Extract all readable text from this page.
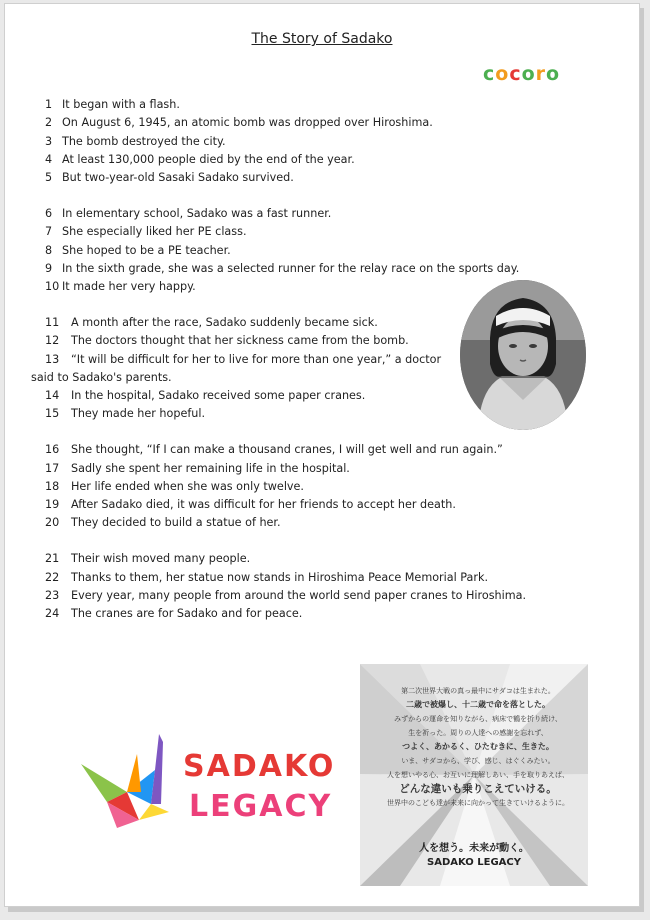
The Story of Sadako
cocoro
1 It began with a flash.
2 On August 6, 1945, an atomic bomb was dropped over Hiroshima.
3 The bomb destroyed the city.
4 At least 130,000 people died by the end of the year.
5 But two-year-old Sasaki Sadako survived.
6 In elementary school, Sadako was a fast runner.
7 She especially liked her PE class.
8 She hoped to be a PE teacher.
9 In the sixth grade, she was a selected runner for the relay race on the sports day.
10 It made her very happy.
11 A month after the race, Sadako suddenly became sick.
12 The doctors thought that her sickness came from the bomb.
13 “It will be difficult for her to live for more than one year,” a doctor
said to Sadako's parents.
14 In the hospital, Sadako received some paper cranes.
15 They made her hopeful.
16 She thought, “If I can make a thousand cranes, I will get well and run again.”
17 Sadly she spent her remaining life in the hospital.
18 Her life ended when she was only twelve.
19 After Sadako died, it was difficult for her friends to accept her death.
20 They decided to build a statue of her.
21 Their wish moved many people.
22 Thanks to them, her statue now stands in Hiroshima Peace Memorial Park.
23 Every year, many people from around the world send paper cranes to Hiroshima.
24 The cranes are for Sadako and for peace.
SADAKO
LEGACY
第二次世界大戦の真っ最中にサダコは生まれた。
二歳で被爆し、十二歳で命を落とした。
みずからの運命を知りながら、病床で鶴を折り続け、
生を祈った。周りの人達への感謝を忘れず、
つよく、あかるく、ひたむきに、生きた。
いま、サダコから、学び、感じ、はぐくみたい。
人を想いやる心、お互いに理解しあい、手を取りあえば、
どんな違いも乗りこえていける。
世界中のこども達が未来に向かって生きていけるように。
人を想う。未来が動く。
SADAKO LEGACY
